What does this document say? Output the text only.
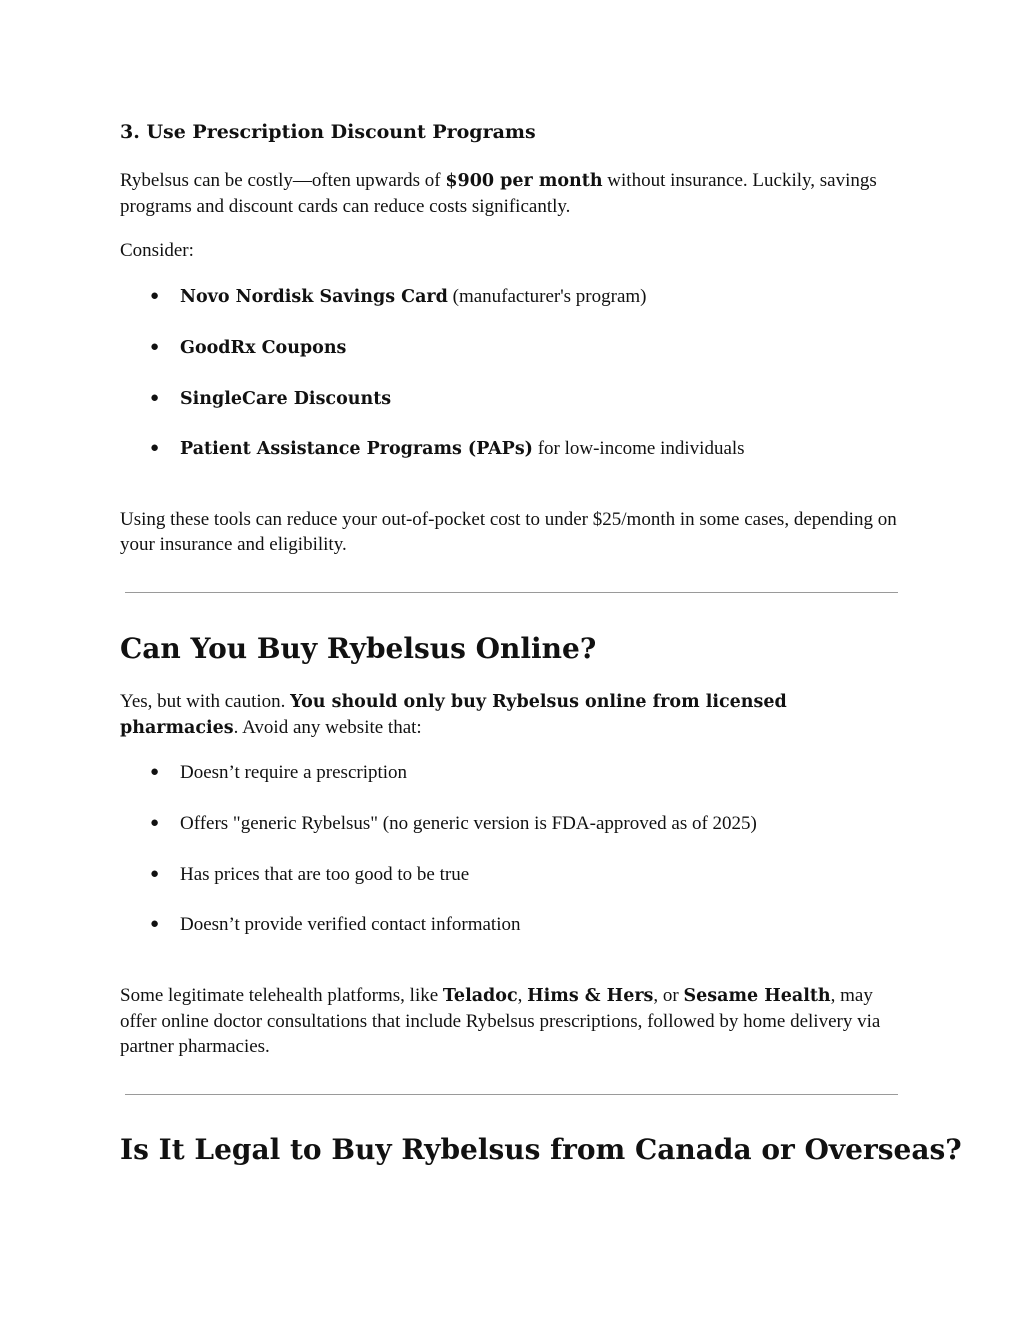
3. Use Prescription Discount Programs
Rybelsus can be costly—often upwards of $900 per month without insurance. Luckily, savings programs and discount cards can reduce costs significantly.
Consider:
● Novo Nordisk Savings Card (manufacturer's program)
● GoodRx Coupons
● SingleCare Discounts
● Patient Assistance Programs (PAPs) for low-income individuals
Using these tools can reduce your out-of-pocket cost to under $25/month in some cases, depending on your insurance and eligibility.
Can You Buy Rybelsus Online?
Yes, but with caution. You should only buy Rybelsus online from licensed pharmacies. Avoid any website that:
● Doesn’t require a prescription
● Offers "generic Rybelsus" (no generic version is FDA-approved as of 2025)
● Has prices that are too good to be true
● Doesn’t provide verified contact information
Some legitimate telehealth platforms, like Teladoc, Hims & Hers, or Sesame Health, may offer online doctor consultations that include Rybelsus prescriptions, followed by home delivery via partner pharmacies.
Is It Legal to Buy Rybelsus from Canada or Overseas?
